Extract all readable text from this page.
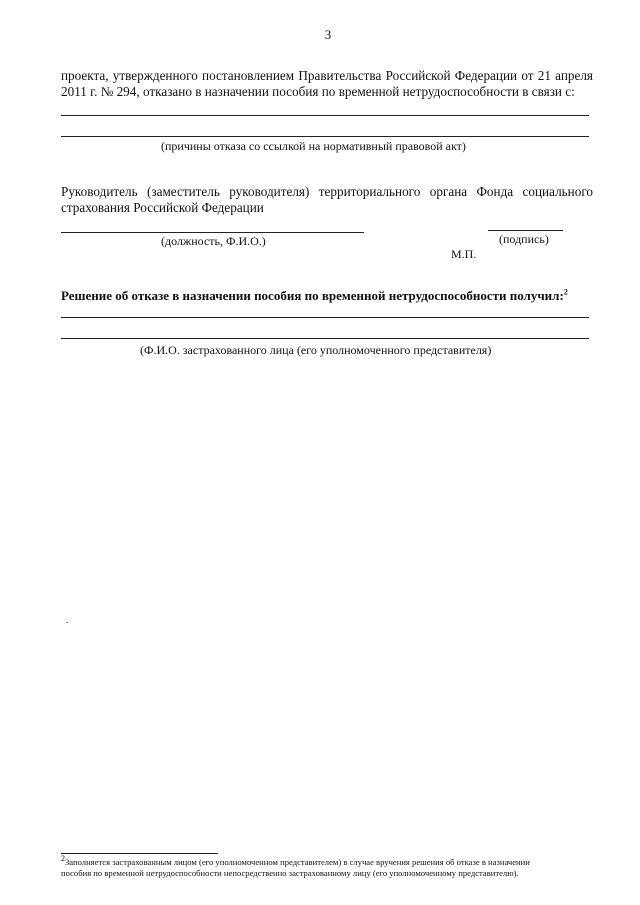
3
проекта, утвержденного постановлением Правительства Российской Федерации от 21 апреля
2011 г. № 294, отказано в назначении пособия по временной нетрудоспособности в связи с:
(причины отказа со ссылкой на нормативный правовой акт)
Руководитель (заместитель руководителя) территориального органа Фонда социального
страхования Российской Федерации
(должность, Ф.И.О.)	(подпись)
М.П.
Решение об отказе в назначении пособия по временной нетрудоспособности получил:$^2$
(Ф.И.О. застрахованного лица (его уполномоченного представителя)
$^2$Заполняется застрахованным лицом (его уполномоченном представителем) в случае вручения решения об отказе в назначении
пособия по временной нетрудоспособности непосредственно застрахованному лицу (его уполномоченному представителю).
